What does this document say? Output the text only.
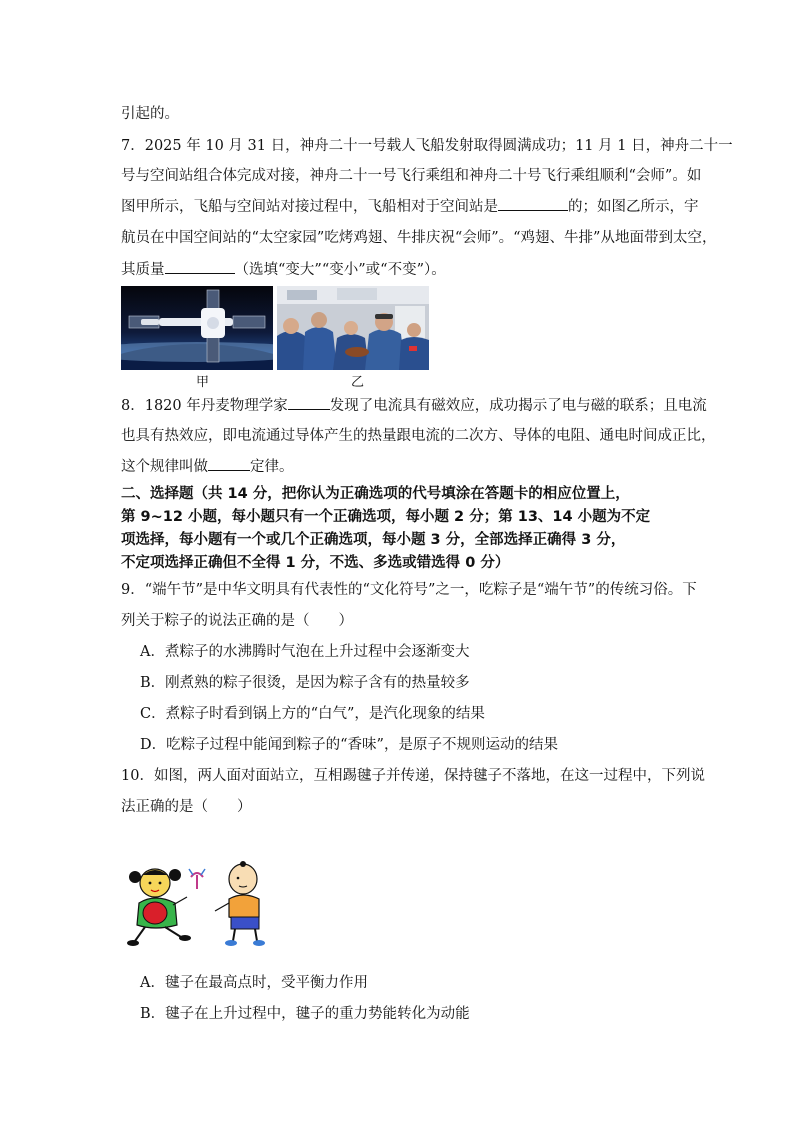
引起的。
7．2025 年 10 月 31 日，神舟二十一号载人飞船发射取得圆满成功；11 月 1 日，神舟二十一
号与空间站组合体完成对接，神舟二十一号飞行乘组和神舟二十号飞行乘组顺利“会师”。如
图甲所示，飞船与空间站对接过程中，飞船相对于空间站是	的；如图乙所示，宇
航员在中国空间站的“太空家园”吃烤鸡翅、牛排庆祝“会师”。“鸡翅、牛排”从地面带到太空，
其质量	（选填“变大”“变小”或“不变”）。
甲	乙
8．1820 年丹麦物理学家	发现了电流具有磁效应，成功揭示了电与磁的联系；且电流
也具有热效应，即电流通过导体产生的热量跟电流的二次方、导体的电阻、通电时间成正比，
这个规律叫做	定律。
二、选择题（共 14 分，把你认为正确选项的代号填涂在答题卡的相应位置上，
第 9~12 小题，每小题只有一个正确选项，每小题 2 分；第 13、14 小题为不定
项选择，每小题有一个或几个正确选项，每小题 3 分，全部选择正确得 3 分，
不定项选择正确但不全得 1 分，不选、多选或错选得 0 分）
9．“端午节”是中华文明具有代表性的“文化符号”之一，吃粽子是“端午节”的传统习俗。下
列关于粽子的说法正确的是（　　）
A．煮粽子的水沸腾时气泡在上升过程中会逐渐变大
B．刚煮熟的粽子很烫，是因为粽子含有的热量较多
C．煮粽子时看到锅上方的“白气”，是汽化现象的结果
D．吃粽子过程中能闻到粽子的“香味”，是原子不规则运动的结果
10．如图，两人面对面站立，互相踢毽子并传递，保持毽子不落地，在这一过程中，下列说
法正确的是（　　）
A．毽子在最高点时，受平衡力作用
B．毽子在上升过程中，毽子的重力势能转化为动能
